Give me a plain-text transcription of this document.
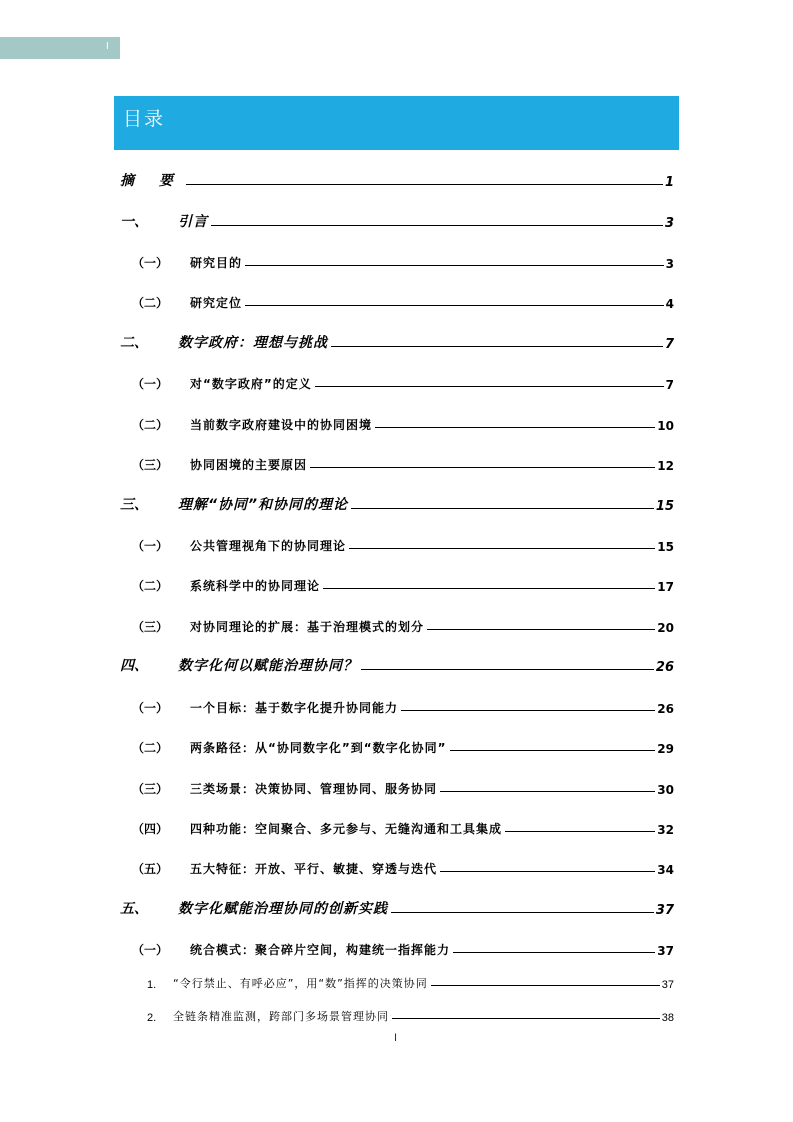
I
目录
摘 要	1
一、	引言	3
（一）	研究目的	3
（二）	研究定位	4
二、	数字政府：理想与挑战	7
（一）	对“数字政府”的定义	7
（二）	当前数字政府建设中的协同困境	10
（三）	协同困境的主要原因	12
三、	理解“协同”和协同的理论	15
（一）	公共管理视角下的协同理论	15
（二）	系统科学中的协同理论	17
（三）	对协同理论的扩展：基于治理模式的划分	20
四、	数字化何以赋能治理协同？	26
（一）	一个目标：基于数字化提升协同能力	26
（二）	两条路径：从“协同数字化”到“数字化协同”	29
（三）	三类场景：决策协同、管理协同、服务协同	30
（四）	四种功能：空间聚合、多元参与、无缝沟通和工具集成	32
（五）	五大特征：开放、平行、敏捷、穿透与迭代	34
五、	数字化赋能治理协同的创新实践	37
（一）	统合模式：聚合碎片空间，构建统一指挥能力	37
1.	“令行禁止、有呼必应”，用“数”指挥的决策协同	37
2.	全链条精准监测，跨部门多场景管理协同	38
I
